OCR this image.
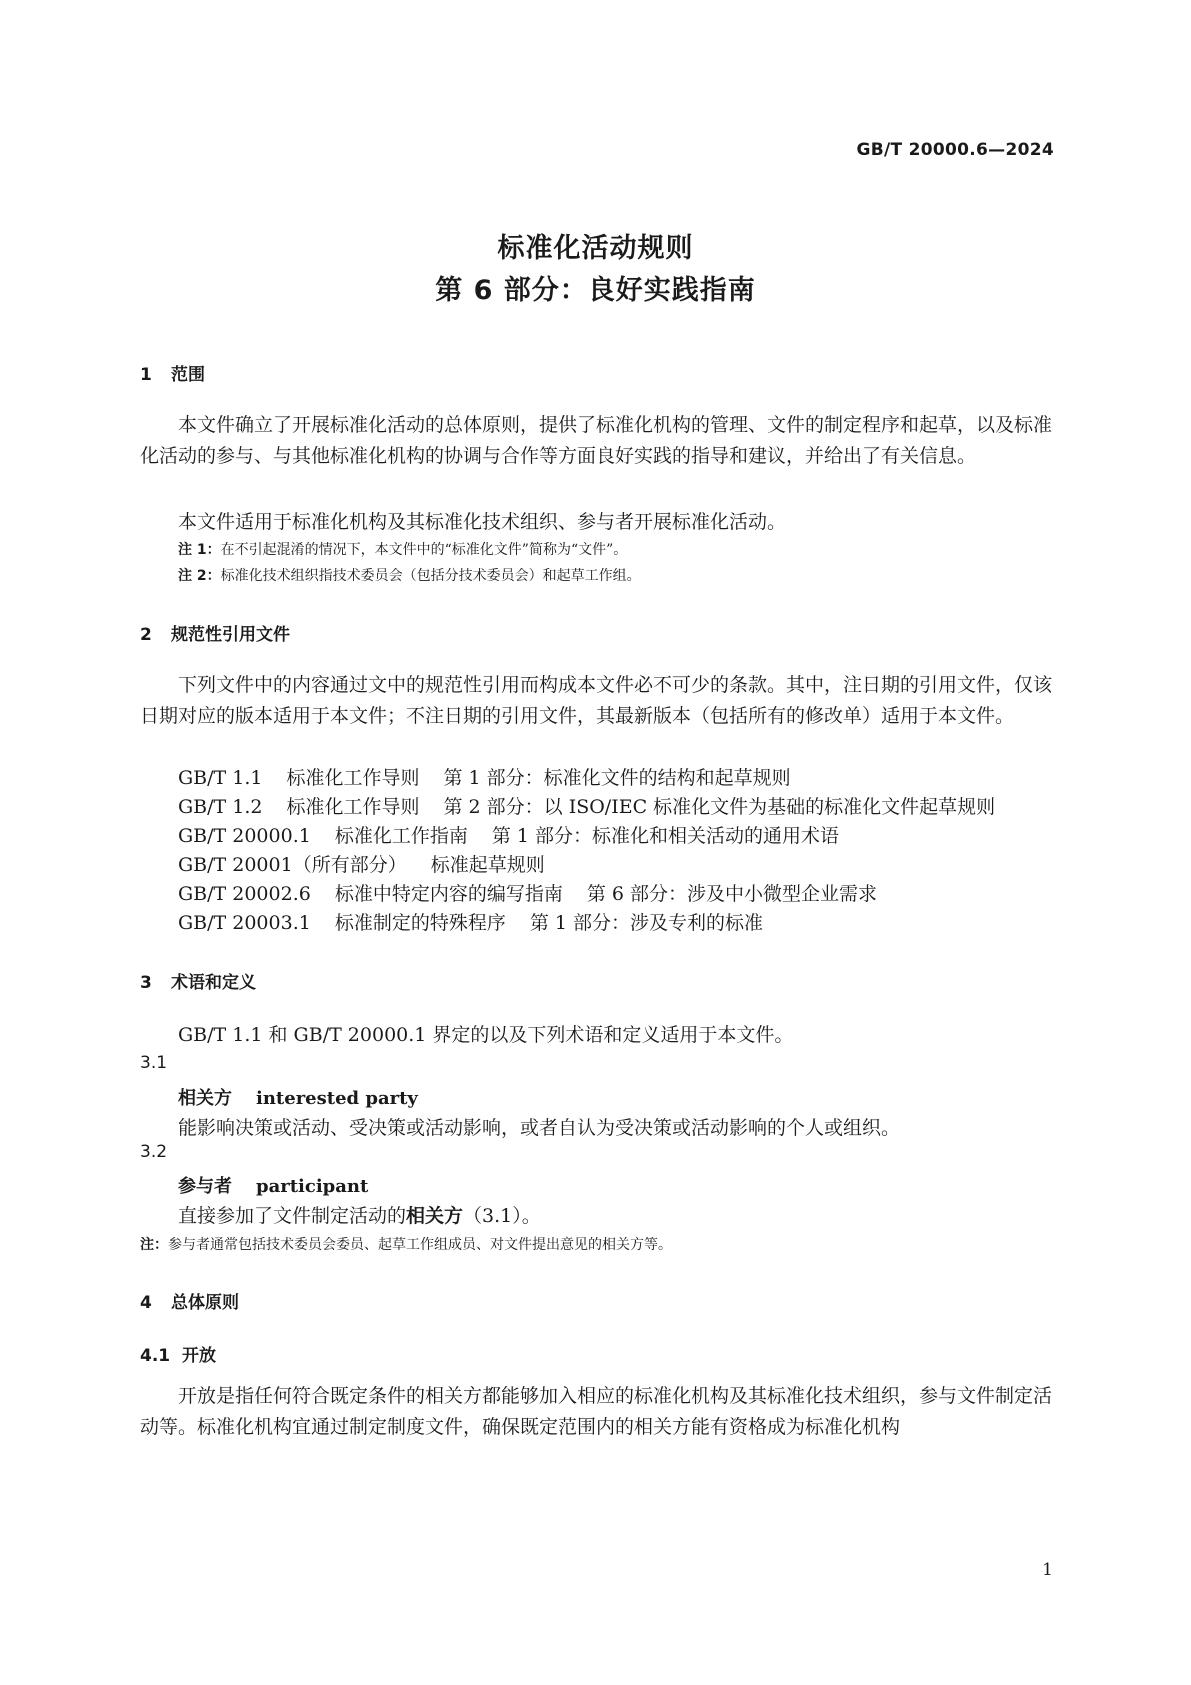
GB/T 20000.6—2024
标准化活动规则
第 6 部分：良好实践指南
1 范围
本文件确立了开展标准化活动的总体原则，提供了标准化机构的管理、文件的制定程序和起草，以及标准化活动的参与、与其他标准化机构的协调与合作等方面良好实践的指导和建议，并给出了有关信息。
本文件适用于标准化机构及其标准化技术组织、参与者开展标准化活动。
注 1：在不引起混淆的情况下，本文件中的“标准化文件”简称为“文件”。
注 2：标准化技术组织指技术委员会（包括分技术委员会）和起草工作组。
2 规范性引用文件
下列文件中的内容通过文中的规范性引用而构成本文件必不可少的条款。其中，注日期的引用文件，仅该日期对应的版本适用于本文件；不注日期的引用文件，其最新版本（包括所有的修改单）适用于本文件。
GB/T 1.1 标准化工作导则 第 1 部分：标准化文件的结构和起草规则
GB/T 1.2 标准化工作导则 第 2 部分：以 ISO/IEC 标准化文件为基础的标准化文件起草规则
GB/T 20000.1 标准化工作指南 第 1 部分：标准化和相关活动的通用术语
GB/T 20001（所有部分） 标准起草规则
GB/T 20002.6 标准中特定内容的编写指南 第 6 部分：涉及中小微型企业需求
GB/T 20003.1 标准制定的特殊程序 第 1 部分：涉及专利的标准
3 术语和定义
GB/T 1.1 和 GB/T 20000.1 界定的以及下列术语和定义适用于本文件。
3.1
相关方 interested party
能影响决策或活动、受决策或活动影响，或者自认为受决策或活动影响的个人或组织。
3.2
参与者 participant
直接参加了文件制定活动的相关方（3.1）。
注：参与者通常包括技术委员会委员、起草工作组成员、对文件提出意见的相关方等。
4 总体原则
4.1 开放
开放是指任何符合既定条件的相关方都能够加入相应的标准化机构及其标准化技术组织，参与文件制定活动等。标准化机构宜通过制定制度文件，确保既定范围内的相关方能有资格成为标准化机构
1
